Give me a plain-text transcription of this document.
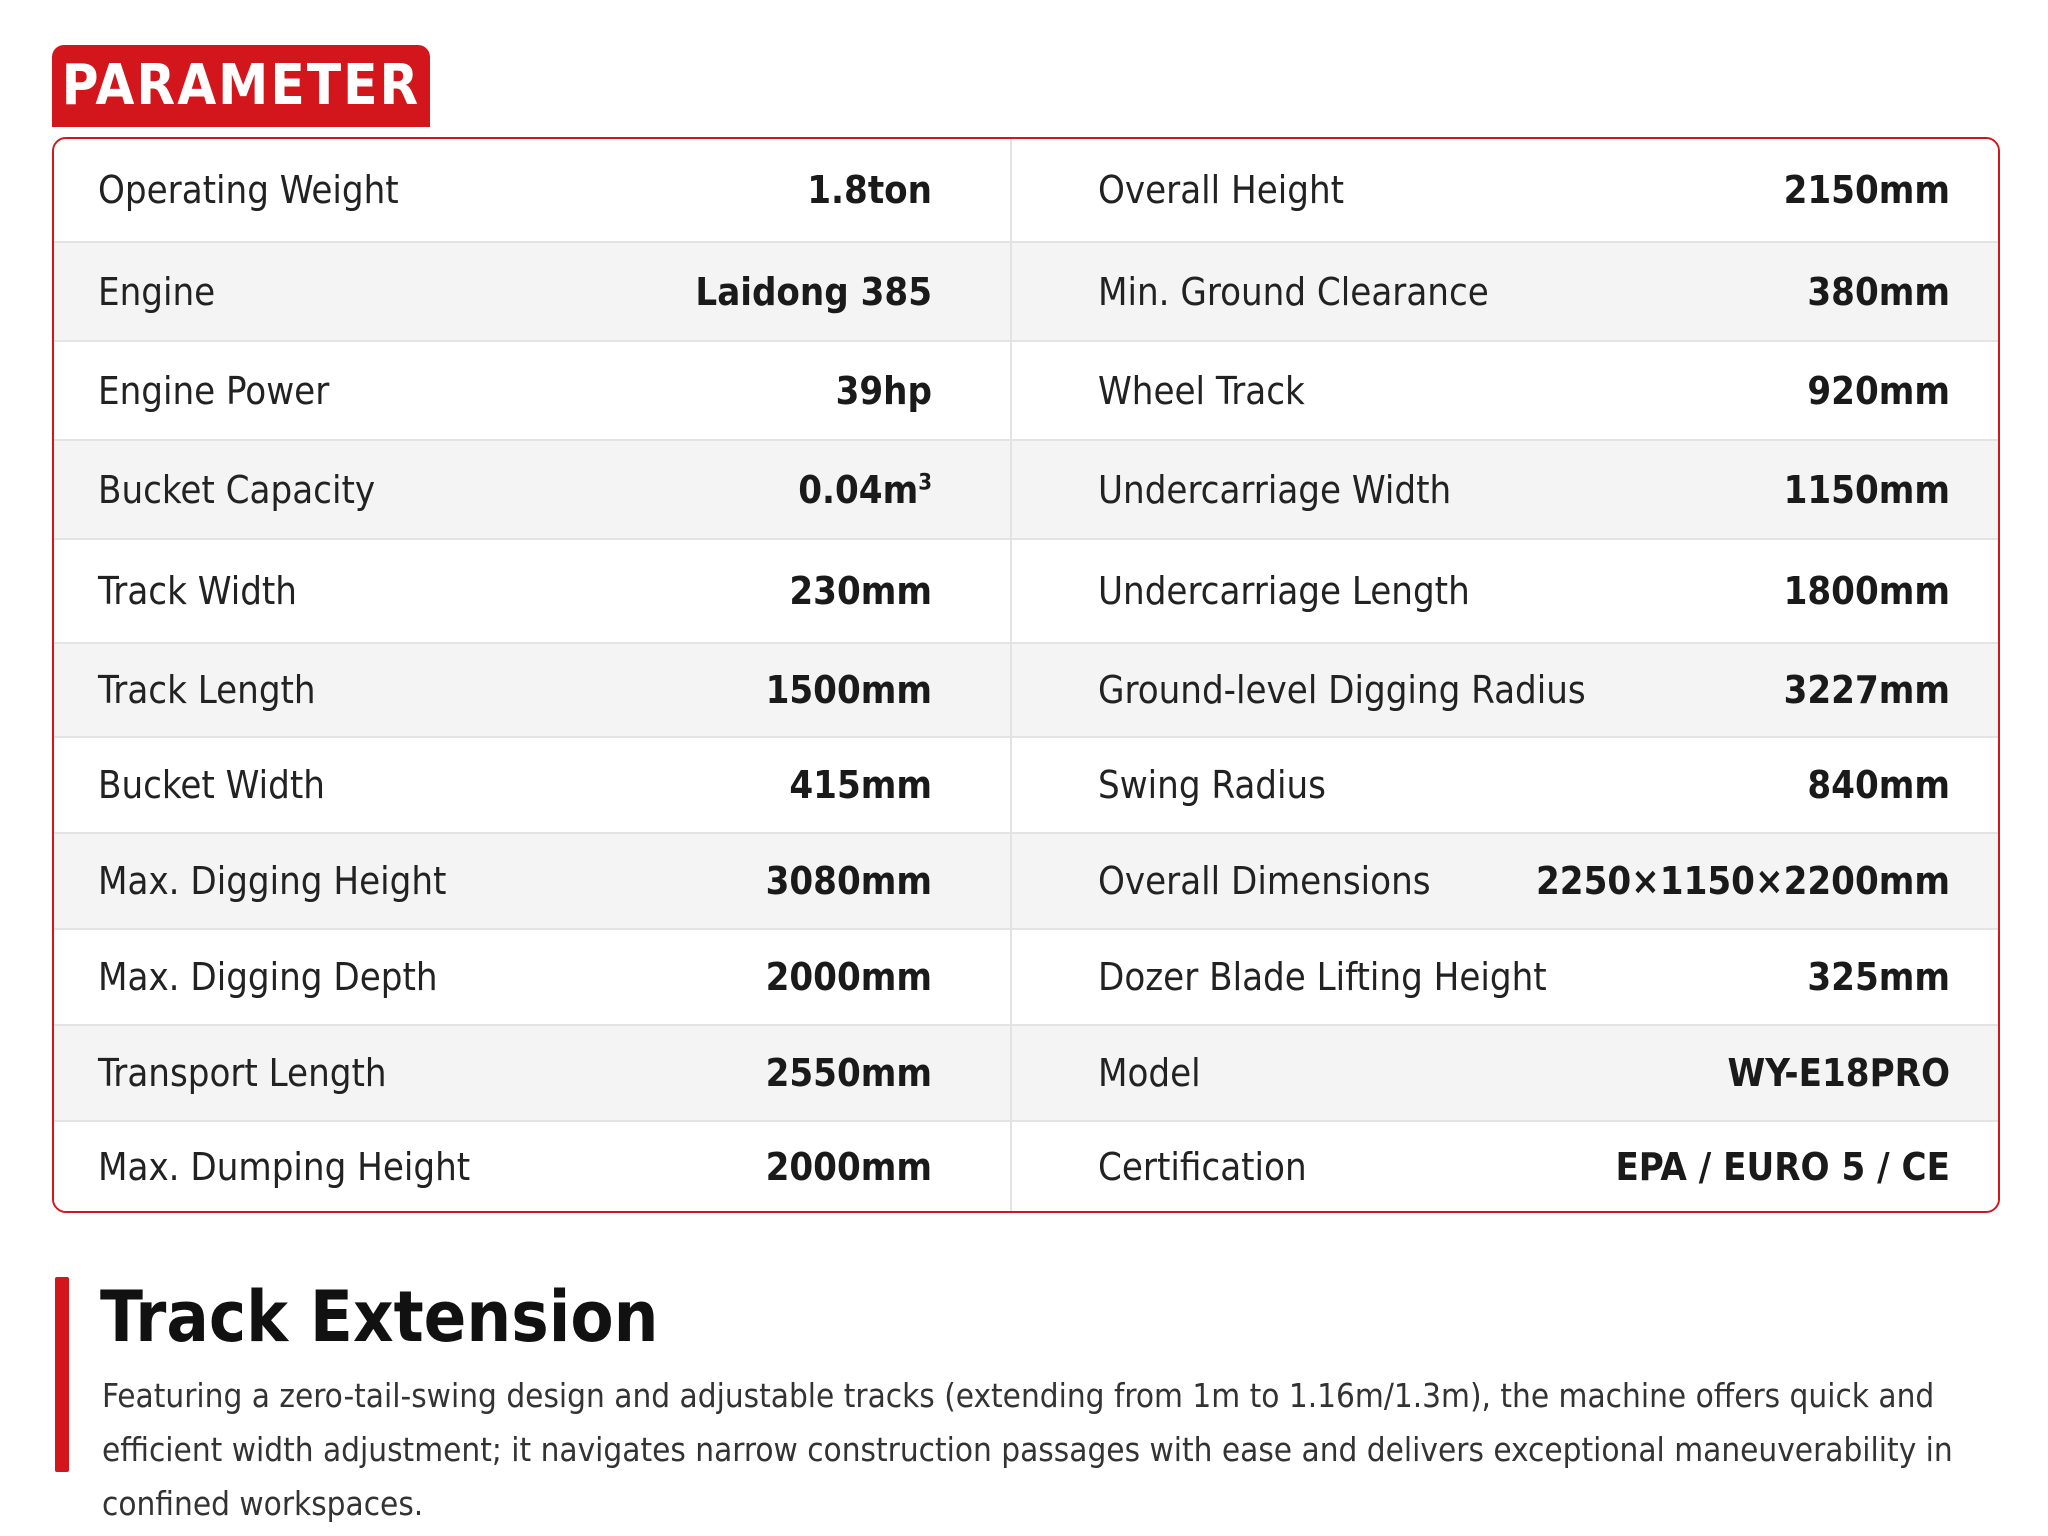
PARAMETER
Operating Weight	1.8ton	Overall Height	2150mm
Engine	Laidong 385	Min. Ground Clearance	380mm
Engine Power	39hp	Wheel Track	920mm
Bucket Capacity	$0.04m^3$	Undercarriage Width	1150mm
Track Width	230mm	Undercarriage Length	1800mm
Track Length	1500mm	Ground-level Digging Radius	3227mm
Bucket Width	415mm	Swing Radius	840mm
Max. Digging Height	3080mm	Overall Dimensions	2250×1150×2200mm
Max. Digging Depth	2000mm	Dozer Blade Lifting Height	325mm
Transport Length	2550mm	Model	WY-E18PRO
Max. Dumping Height	2000mm	Certification	EPA / EURO 5 / CE
Track Extension

Featuring a zero-tail-swing design and adjustable tracks (extending from 1m to 1.16m/1.3m), the machine offers quick and efficient width adjustment; it navigates narrow construction passages with ease and delivers exceptional maneuverability in confined workspaces.
